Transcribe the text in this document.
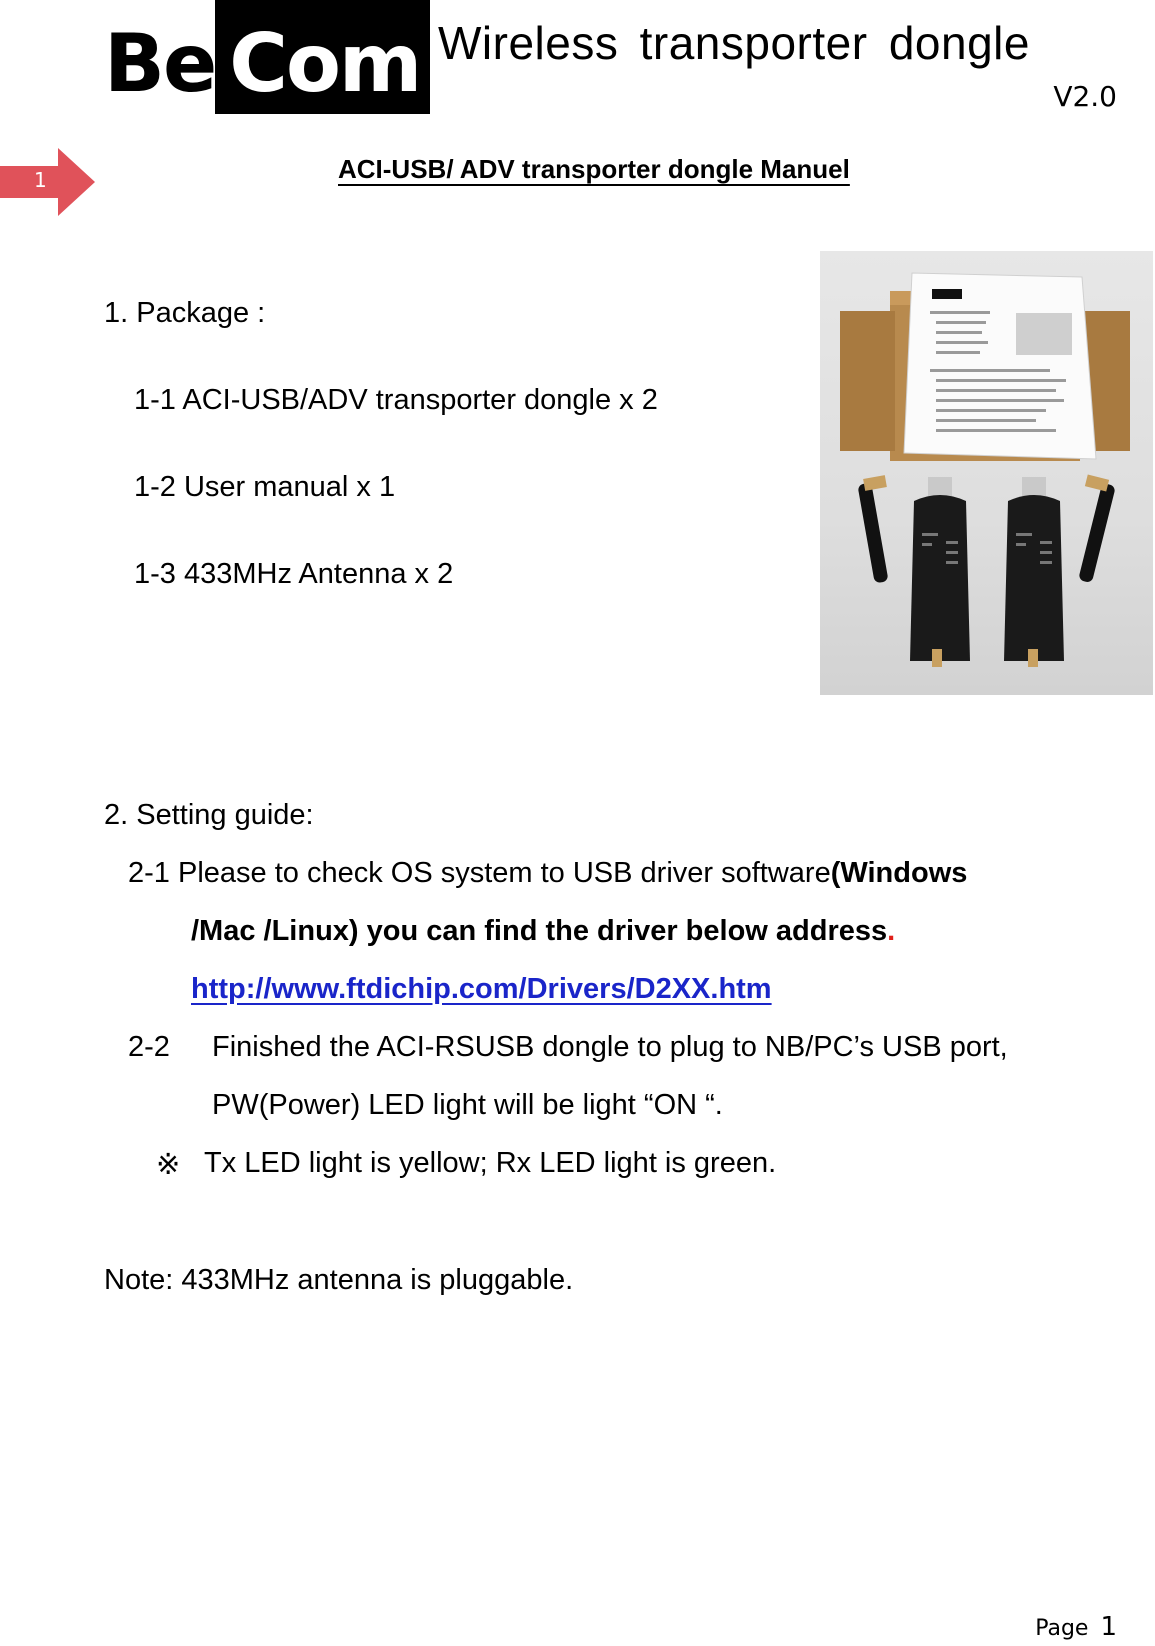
Be Com Wireless transporter dongle
V2.0
1	ACI-USB/ ADV transporter dongle Manuel
1. Package :
1-1 ACI-USB/ADV transporter dongle x 2
1-2 User manual x 1
1-3 433MHz Antenna x 2
2. Setting guide:
2-1 Please to check OS system to USB driver software(Windows
/Mac /Linux) you can find the driver below address.
http://www.ftdichip.com/Drivers/D2XX.htm
2-2 Finished the ACI-RSUSB dongle to plug to NB/PC’s USB port,
PW(Power) LED light will be light “ON “.
※ Tx LED light is yellow; Rx LED light is green.
Note: 433MHz antenna is pluggable.
Page 1
